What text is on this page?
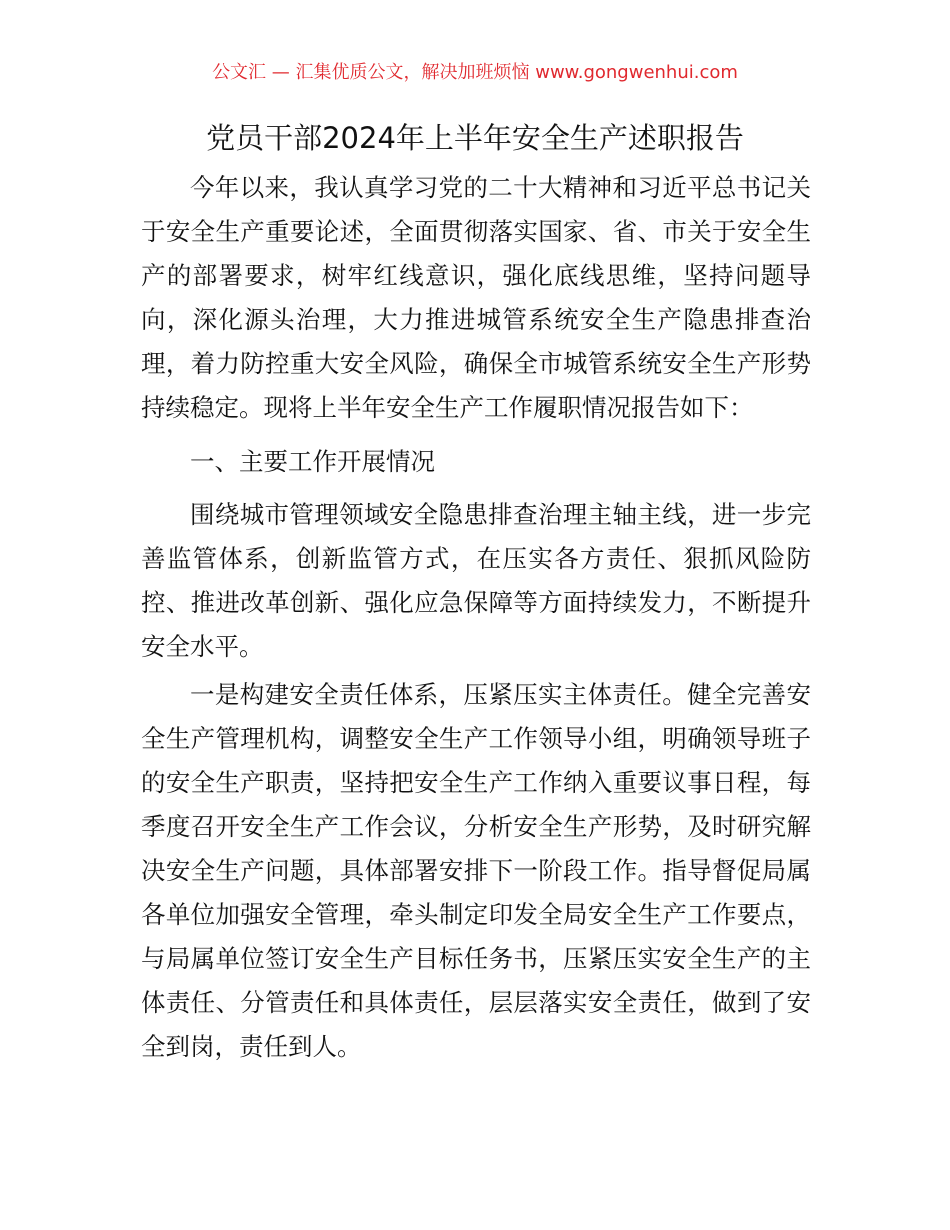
公文汇 — 汇集优质公文，解决加班烦恼 www.gongwenhui.com
党员干部2024年上半年安全生产述职报告
今年以来，我认真学习党的二十大精神和习近平总书记关
于安全生产重要论述，全面贯彻落实国家、省、市关于安全生
产的部署要求，树牢红线意识，强化底线思维，坚持问题导
向，深化源头治理，大力推进城管系统安全生产隐患排查治
理，着力防控重大安全风险，确保全市城管系统安全生产形势
持续稳定。现将上半年安全生产工作履职情况报告如下：
一、主要工作开展情况
围绕城市管理领域安全隐患排查治理主轴主线，进一步完
善监管体系，创新监管方式，在压实各方责任、狠抓风险防
控、推进改革创新、强化应急保障等方面持续发力，不断提升
安全水平。
一是构建安全责任体系，压紧压实主体责任。健全完善安
全生产管理机构，调整安全生产工作领导小组，明确领导班子
的安全生产职责，坚持把安全生产工作纳入重要议事日程，每
季度召开安全生产工作会议，分析安全生产形势，及时研究解
决安全生产问题，具体部署安排下一阶段工作。指导督促局属
各单位加强安全管理，牵头制定印发全局安全生产工作要点，
与局属单位签订安全生产目标任务书，压紧压实安全生产的主
体责任、分管责任和具体责任，层层落实安全责任，做到了安
全到岗，责任到人。
